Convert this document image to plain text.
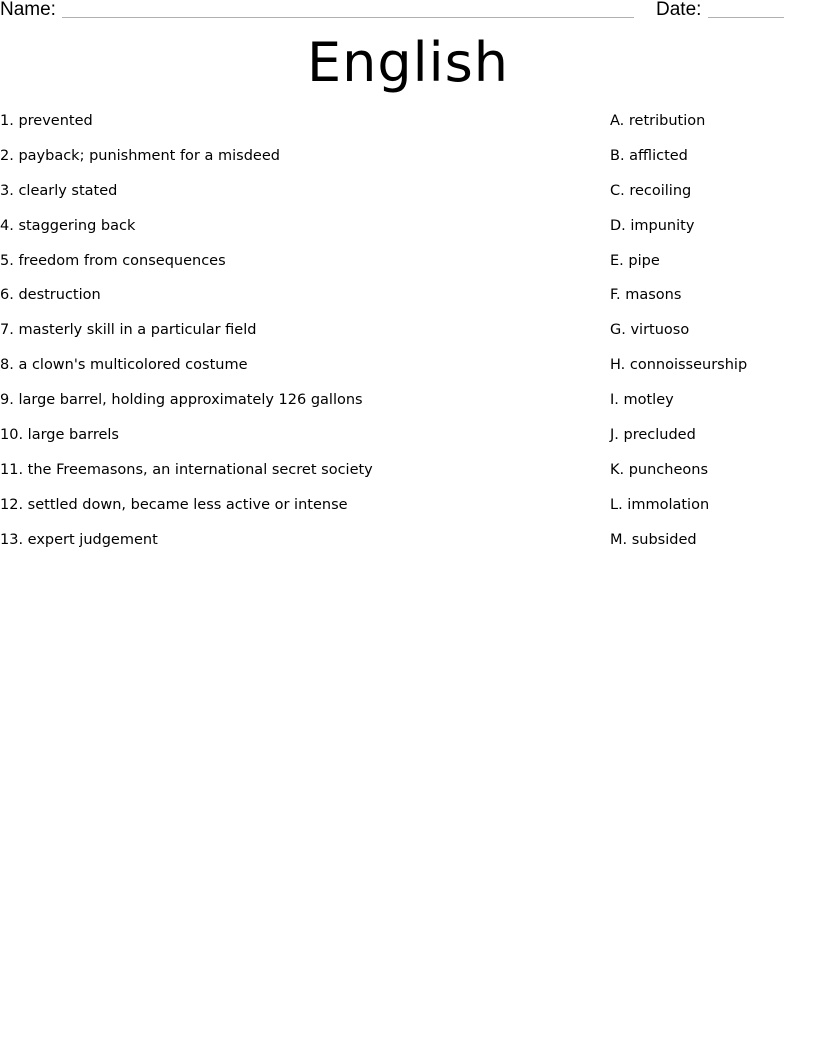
Name:	Date:
English
1. prevented
2. payback; punishment for a misdeed
3. clearly stated
4. staggering back
5. freedom from consequences
6. destruction
7. masterly skill in a particular field
8. a clown's multicolored costume
9. large barrel, holding approximately 126 gallons
10. large barrels
11. the Freemasons, an international secret society
12. settled down, became less active or intense
13. expert judgement
A. retribution
B. afflicted
C. recoiling
D. impunity
E. pipe
F. masons
G. virtuoso
H. connoisseurship
I. motley
J. precluded
K. puncheons
L. immolation
M. subsided
